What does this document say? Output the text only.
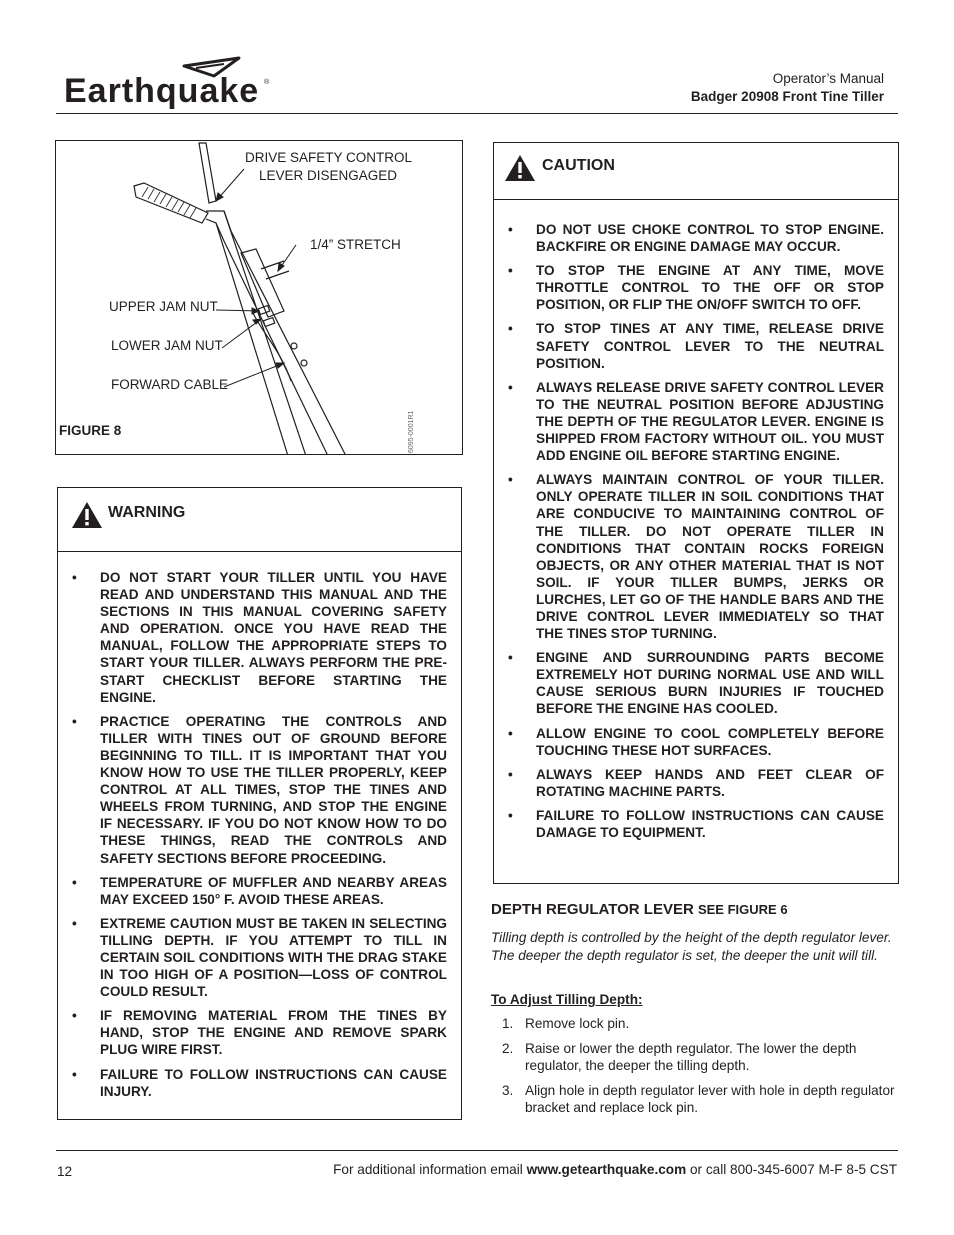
Earthquake ®	Operator’s Manual
Badger 20908 Front Tine Tiller
DRIVE SAFETY CONTROL
LEVER DISENGAGED
1/4” STRETCH
UPPER JAM NUT
LOWER JAM NUT
FORWARD CABLE
FIGURE 8	6095-0001R1
WARNING
• DO NOT START YOUR TILLER UNTIL YOU HAVE READ AND UNDERSTAND THIS MANUAL AND THE SECTIONS IN THIS MANUAL COVERING SAFETY AND OPERATION. ONCE YOU HAVE READ THE MANUAL, FOLLOW THE APPROPRIATE STEPS TO START YOUR TILLER. ALWAYS PERFORM THE PRE-START CHECKLIST BEFORE STARTING THE ENGINE.
• PRACTICE OPERATING THE CONTROLS AND TILLER WITH TINES OUT OF GROUND BEFORE BEGINNING TO TILL. IT IS IMPORTANT THAT YOU KNOW HOW TO USE THE TILLER PROPERLY, KEEP CONTROL AT ALL TIMES, STOP THE TINES AND WHEELS FROM TURNING, AND STOP THE ENGINE IF NECESSARY. IF YOU DO NOT KNOW HOW TO DO THESE THINGS, READ THE CONTROLS AND SAFETY SECTIONS BEFORE PROCEEDING.
• TEMPERATURE OF MUFFLER AND NEARBY AREAS MAY EXCEED 150° F. AVOID THESE AREAS.
• EXTREME CAUTION MUST BE TAKEN IN SELECTING TILLING DEPTH. IF YOU ATTEMPT TO TILL IN CERTAIN SOIL CONDITIONS WITH THE DRAG STAKE IN TOO HIGH OF A POSITION—LOSS OF CONTROL COULD RESULT.
• IF REMOVING MATERIAL FROM THE TINES BY HAND, STOP THE ENGINE AND REMOVE SPARK PLUG WIRE FIRST.
• FAILURE TO FOLLOW INSTRUCTIONS CAN CAUSE INJURY.
CAUTION
• DO NOT USE CHOKE CONTROL TO STOP ENGINE. BACKFIRE OR ENGINE DAMAGE MAY OCCUR.
• TO STOP THE ENGINE AT ANY TIME, MOVE THROTTLE CONTROL TO THE OFF OR STOP POSITION, OR FLIP THE ON/OFF SWITCH TO OFF.
• TO STOP TINES AT ANY TIME, RELEASE DRIVE SAFETY CONTROL LEVER TO THE NEUTRAL POSITION.
• ALWAYS RELEASE DRIVE SAFETY CONTROL LEVER TO THE NEUTRAL POSITION BEFORE ADJUSTING THE DEPTH OF THE REGULATOR LEVER. ENGINE IS SHIPPED FROM FACTORY WITHOUT OIL. YOU MUST ADD ENGINE OIL BEFORE STARTING ENGINE.
• ALWAYS MAINTAIN CONTROL OF YOUR TILLER. ONLY OPERATE TILLER IN SOIL CONDITIONS THAT ARE CONDUCIVE TO MAINTAINING CONTROL OF THE TILLER. DO NOT OPERATE TILLER IN CONDITIONS THAT CONTAIN ROCKS FOREIGN OBJECTS, OR ANY OTHER MATERIAL THAT IS NOT SOIL. IF YOUR TILLER BUMPS, JERKS OR LURCHES, LET GO OF THE HANDLE BARS AND THE DRIVE CONTROL LEVER IMMEDIATELY SO THAT THE TINES STOP TURNING.
• ENGINE AND SURROUNDING PARTS BECOME EXTREMELY HOT DURING NORMAL USE AND WILL CAUSE SERIOUS BURN INJURIES IF TOUCHED BEFORE THE ENGINE HAS COOLED.
• ALLOW ENGINE TO COOL COMPLETELY BEFORE TOUCHING THESE HOT SURFACES.
• ALWAYS KEEP HANDS AND FEET CLEAR OF ROTATING MACHINE PARTS.
• FAILURE TO FOLLOW INSTRUCTIONS CAN CAUSE DAMAGE TO EQUIPMENT.
DEPTH REGULATOR LEVER SEE FIGURE 6
Tilling depth is controlled by the height of the depth regulator lever. The deeper the depth regulator is set, the deeper the unit will till.
To Adjust Tilling Depth:
1. Remove lock pin.
2. Raise or lower the depth regulator. The lower the depth regulator, the deeper the tilling depth.
3. Align hole in depth regulator lever with hole in depth regulator bracket and replace lock pin.
12	For additional information email www.getearthquake.com or call 800-345-6007 M-F 8-5 CST
